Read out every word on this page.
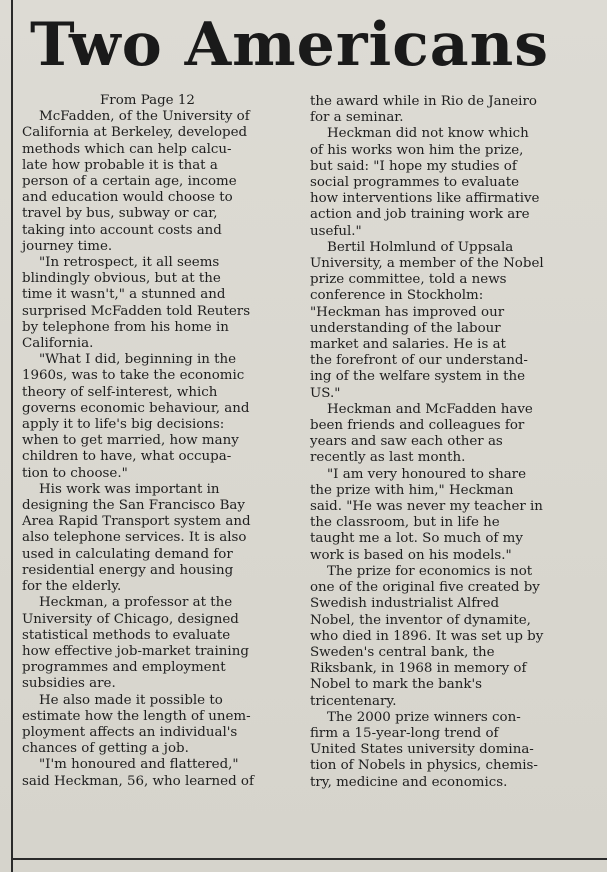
Two Americans
From Page 12

McFadden, of the University of
California at Berkeley, developed
methods which can help calcu-
late how probable it is that a
person of a certain age, income
and education would choose to
travel by bus, subway or car,
taking into account costs and
journey time.

"In retrospect, it all seems
blindingly obvious, but at the
time it wasn't," a stunned and
surprised McFadden told Reuters
by telephone from his home in
California.

"What I did, beginning in the
1960s, was to take the economic
theory of self-interest, which
governs economic behaviour, and
apply it to life's big decisions:
when to get married, how many
children to have, what occupa-
tion to choose."

His work was important in
designing the San Francisco Bay
Area Rapid Transport system and
also telephone services. It is also
used in calculating demand for
residential energy and housing
for the elderly.

Heckman, a professor at the
University of Chicago, designed
statistical methods to evaluate
how effective job-market training
programmes and employment
subsidies are.

He also made it possible to
estimate how the length of unem-
ployment affects an individual's
chances of getting a job.

"I'm honoured and flattered,"
said Heckman, 56, who learned of

the award while in Rio de Janeiro
for a seminar.

Heckman did not know which
of his works won him the prize,
but said: "I hope my studies of
social programmes to evaluate
how interventions like affirmative
action and job training work are
useful."

Bertil Holmlund of Uppsala
University, a member of the Nobel
prize committee, told a news
conference in Stockholm:
"Heckman has improved our
understanding of the labour
market and salaries. He is at
the forefront of our understand-
ing of the welfare system in the
US."

Heckman and McFadden have
been friends and colleagues for
years and saw each other as
recently as last month.

"I am very honoured to share
the prize with him," Heckman
said. "He was never my teacher in
the classroom, but in life he
taught me a lot. So much of my
work is based on his models."

The prize for economics is not
one of the original five created by
Swedish industrialist Alfred
Nobel, the inventor of dynamite,
who died in 1896. It was set up by
Sweden's central bank, the
Riksbank, in 1968 in memory of
Nobel to mark the bank's
tricentenary.

The 2000 prize winners con-
firm a 15-year-long trend of
United States university domina-
tion of Nobels in physics, chemis-
try, medicine and economics.
